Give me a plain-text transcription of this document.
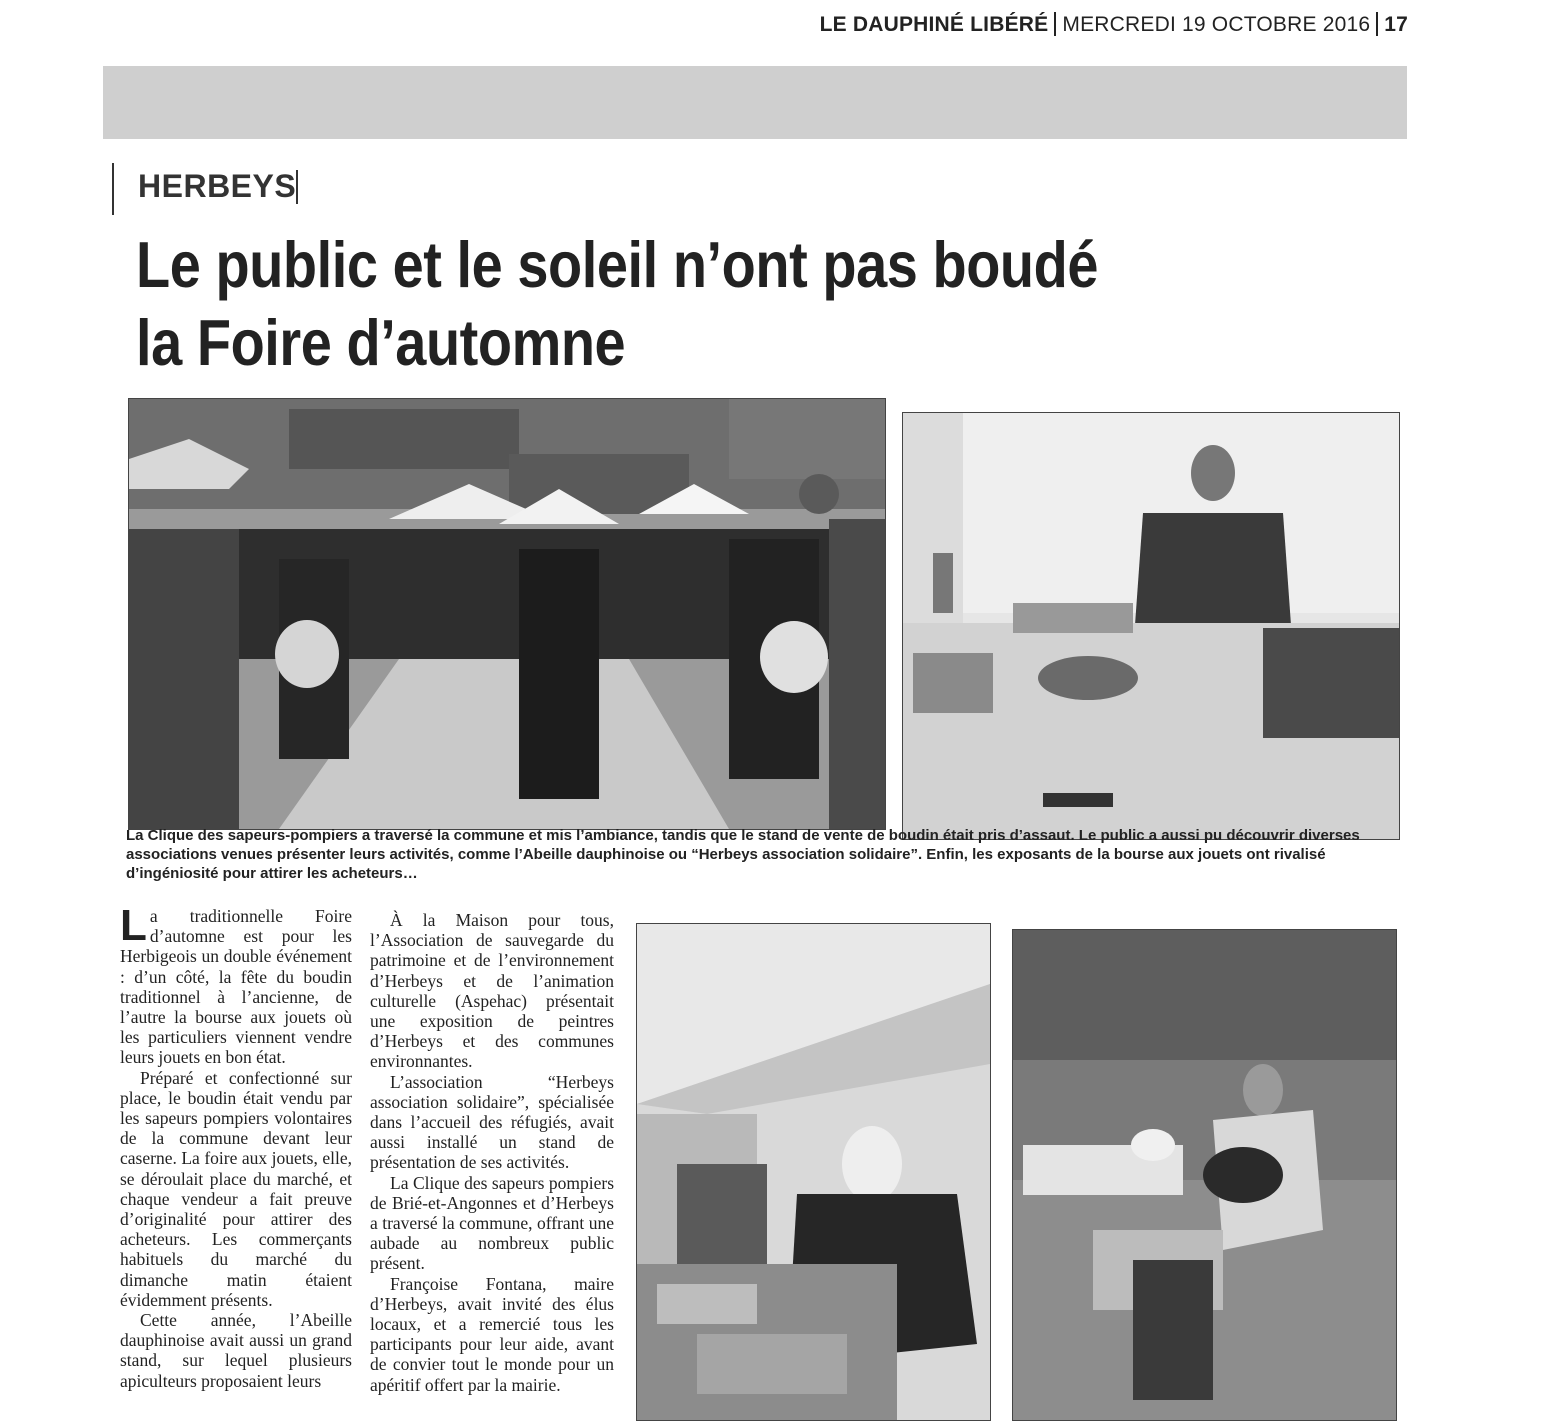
LE DAUPHINÉ LIBÉRÉ MERCREDI 19 OCTOBRE 2016 17
HERBEYS
Le public et le soleil n’ont pas boudé
la Foire d’automne
La Clique des sapeurs-pompiers a traversé la commune et mis l’ambiance, tandis que le stand de vente de boudin était pris d’assaut. Le public a aussi pu découvrir diverses associations venues présenter leurs activités, comme l’Abeille dauphinoise ou “Herbeys association solidaire”. Enfin, les exposants de la bourse aux jouets ont rivalisé d’ingéniosité pour attirer les acheteurs…

La traditionnelle Foire d’automne est pour les Herbigeois un double événement : d’un côté, la fête du boudin traditionnel à l’ancienne, de l’autre la bourse aux jouets où les particuliers viennent vendre leurs jouets en bon état.

Préparé et confectionné sur place, le boudin était vendu par les sapeurs pompiers volontaires de la commune devant leur caserne. La foire aux jouets, elle, se déroulait place du marché, et chaque vendeur a fait preuve d’originalité pour attirer des acheteurs. Les commerçants habituels du marché du dimanche matin étaient évidemment présents.

Cette année, l’Abeille dauphinoise avait aussi un grand stand, sur lequel plusieurs apiculteurs proposaient leurs

À la Maison pour tous, l’Association de sauvegarde du patrimoine et de l’environnement d’Herbeys et de l’animation culturelle (Aspehac) présentait une exposition de peintres d’Herbeys et des communes environnantes.

L’association “Herbeys association solidaire”, spécialisée dans l’accueil des réfugiés, avait aussi installé un stand de présentation de ses activités.

La Clique des sapeurs pompiers de Brié-et-Angonnes et d’Herbeys a traversé la commune, offrant une aubade au nombreux public présent.

Françoise Fontana, maire d’Herbeys, avait invité des élus locaux, et a remercié tous les participants pour leur aide, avant de convier tout le monde pour un apéritif offert par la mairie.
